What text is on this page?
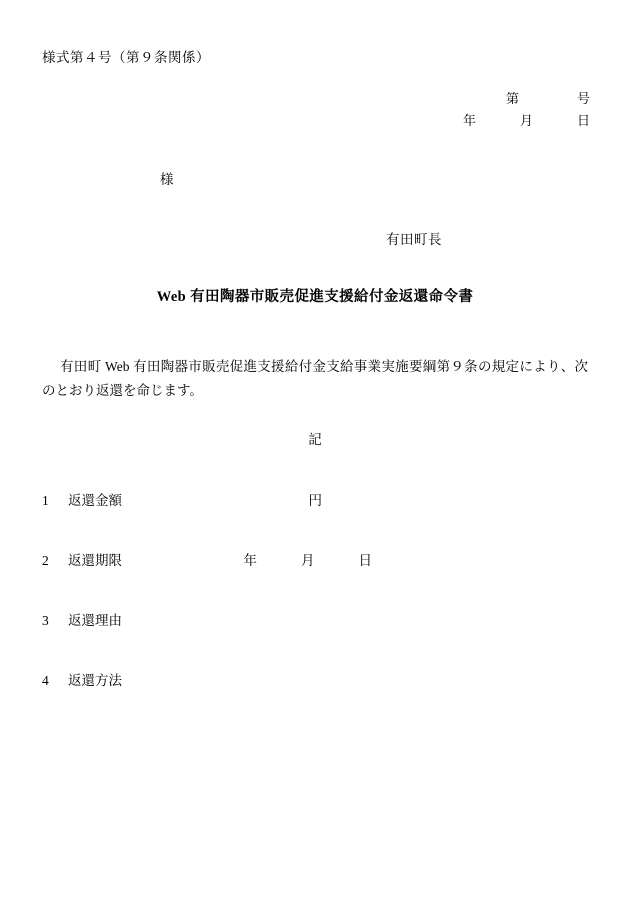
様式第４号（第９条関係）
第	号
年	月	日
様
有田町長
Web 有田陶器市販売促進支援給付金返還命令書
有田町 Web 有田陶器市販売促進支援給付金支給事業実施要綱第９条の規定により、次のとおり返還を命じます。
記
1 返還金額	円
2 返還期限	年	月	日
3 返還理由
4 返還方法
